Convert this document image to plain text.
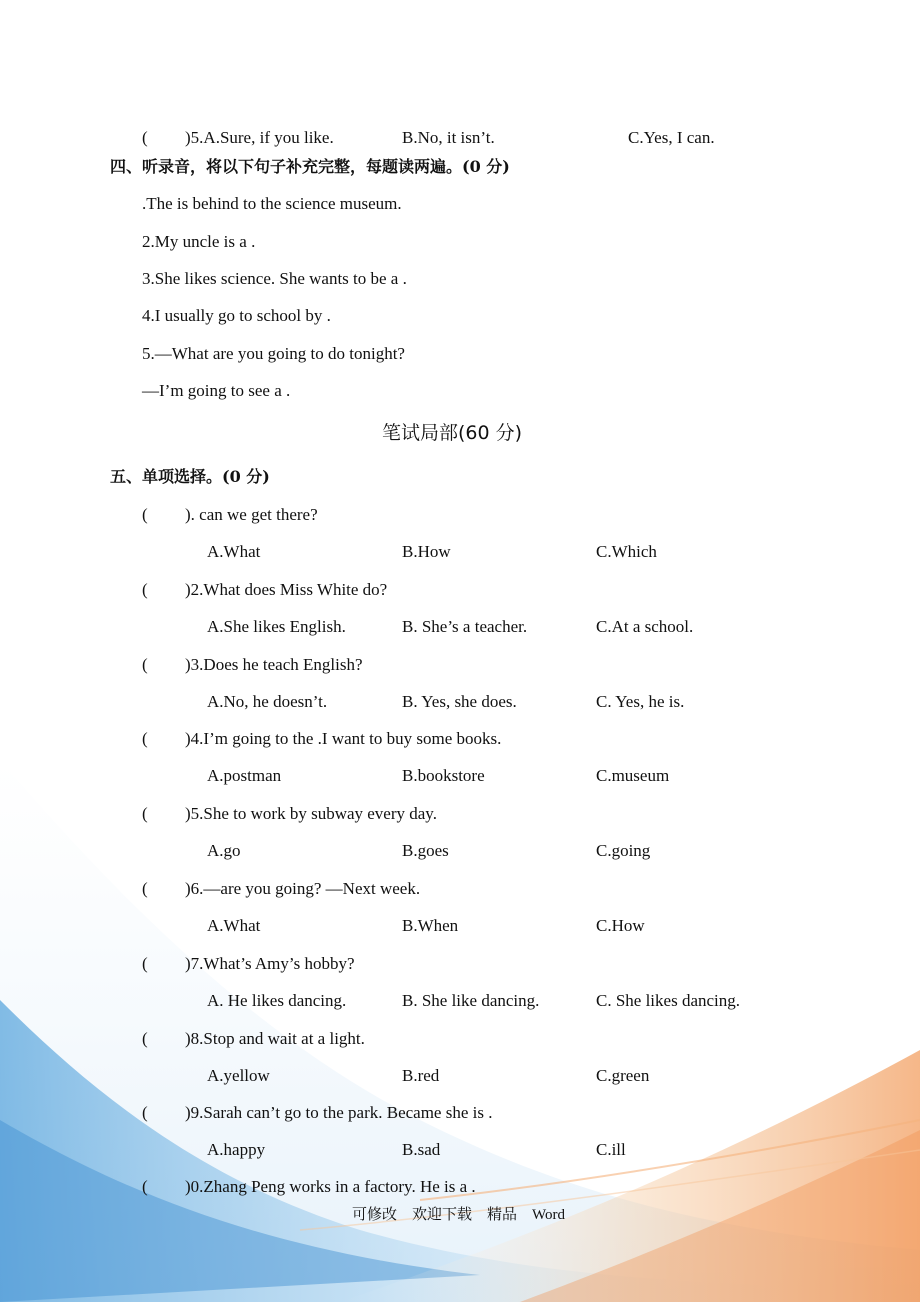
( )5.A.Sure, if you like.	B.No, it isn’t.	C.Yes, I can.
四、听录音，将以下句子补充完整，每题读两遍。(0 分)
.The is behind to the science museum.
2.My uncle is a .
3.She likes science. She wants to be a .
4.I usually go to school by .
5.—What are you going to do tonight?
—I’m going to see a .
笔试局部(60 分)
五、单项选择。(0 分)
( ). can we get there?
A.What	B.How	C.Which
( )2.What does Miss White do?
A.She likes English.	B. She’s a teacher.	C.At a school.
( )3.Does he teach English?
A.No, he doesn’t.	B. Yes, she does.	C. Yes, he is.
( )4.I’m going to the .I want to buy some books.
A.postman	B.bookstore	C.museum
( )5.She to work by subway every day.
A.go	B.goes	C.going
( )6.—are you going? —Next week.
A.What	B.When	C.How
( )7.What’s Amy’s hobby?
A. He likes dancing.	B. She like dancing.	C. She likes dancing.
( )8.Stop and wait at a light.
A.yellow	B.red	C.green
( )9.Sarah can’t go to the park. Became she is .
A.happy	B.sad	C.ill
( )0.Zhang Peng works in a factory. He is a .
可修改    欢迎下载    精品    Word
